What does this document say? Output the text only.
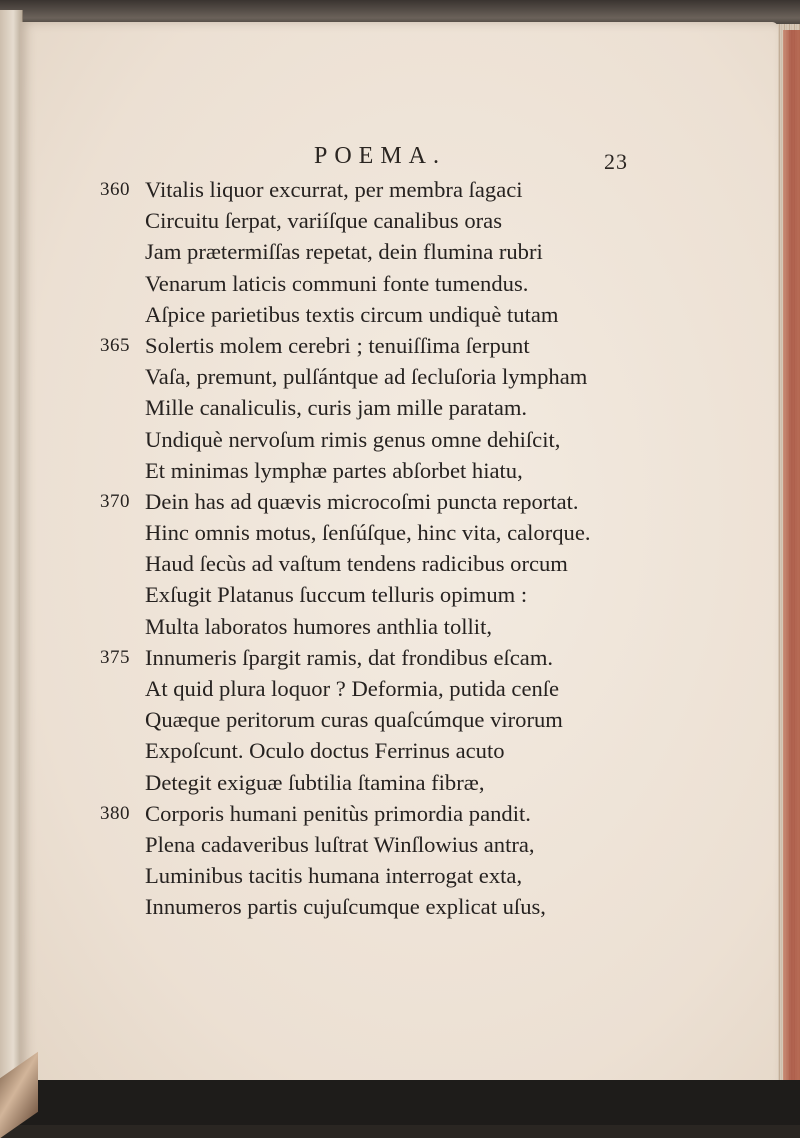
POEMA.	23
360 Vitalis liquor excurrat, per membra ſagaci
Circuitu ſerpat, variíſque canalibus oras
Jam prætermiſſas repetat, dein flumina rubri
Venarum laticis communi fonte tumendus.
Aſpice parietibus textis circum undiquè tutam
365 Solertis molem cerebri ; tenuiſſima ſerpunt
Vaſa, premunt, pulſántque ad ſecluſoria lympham
Mille canaliculis, curis jam mille paratam.
Undiquè nervoſum rimis genus omne dehiſcit,
Et minimas lymphæ partes abſorbet hiatu,
370 Dein has ad quævis microcoſmi puncta reportat.
Hinc omnis motus, ſenſúſque, hinc vita, calorque.
Haud ſecùs ad vaſtum tendens radicibus orcum
Exſugit Platanus ſuccum telluris opimum :
Multa laboratos humores anthlia tollit,
375 Innumeris ſpargit ramis, dat frondibus eſcam.
At quid plura loquor ? Deformia, putida cenſe
Quæque peritorum curas quaſcúmque virorum
Expoſcunt. Oculo doctus Ferrinus acuto
Detegit exiguæ ſubtilia ſtamina fibræ,
380 Corporis humani penitùs primordia pandit.
Plena cadaveribus luſtrat Winſlowius antra,
Luminibus tacitis humana interrogat exta,
Innumeros partis cujuſcumque explicat uſus,
